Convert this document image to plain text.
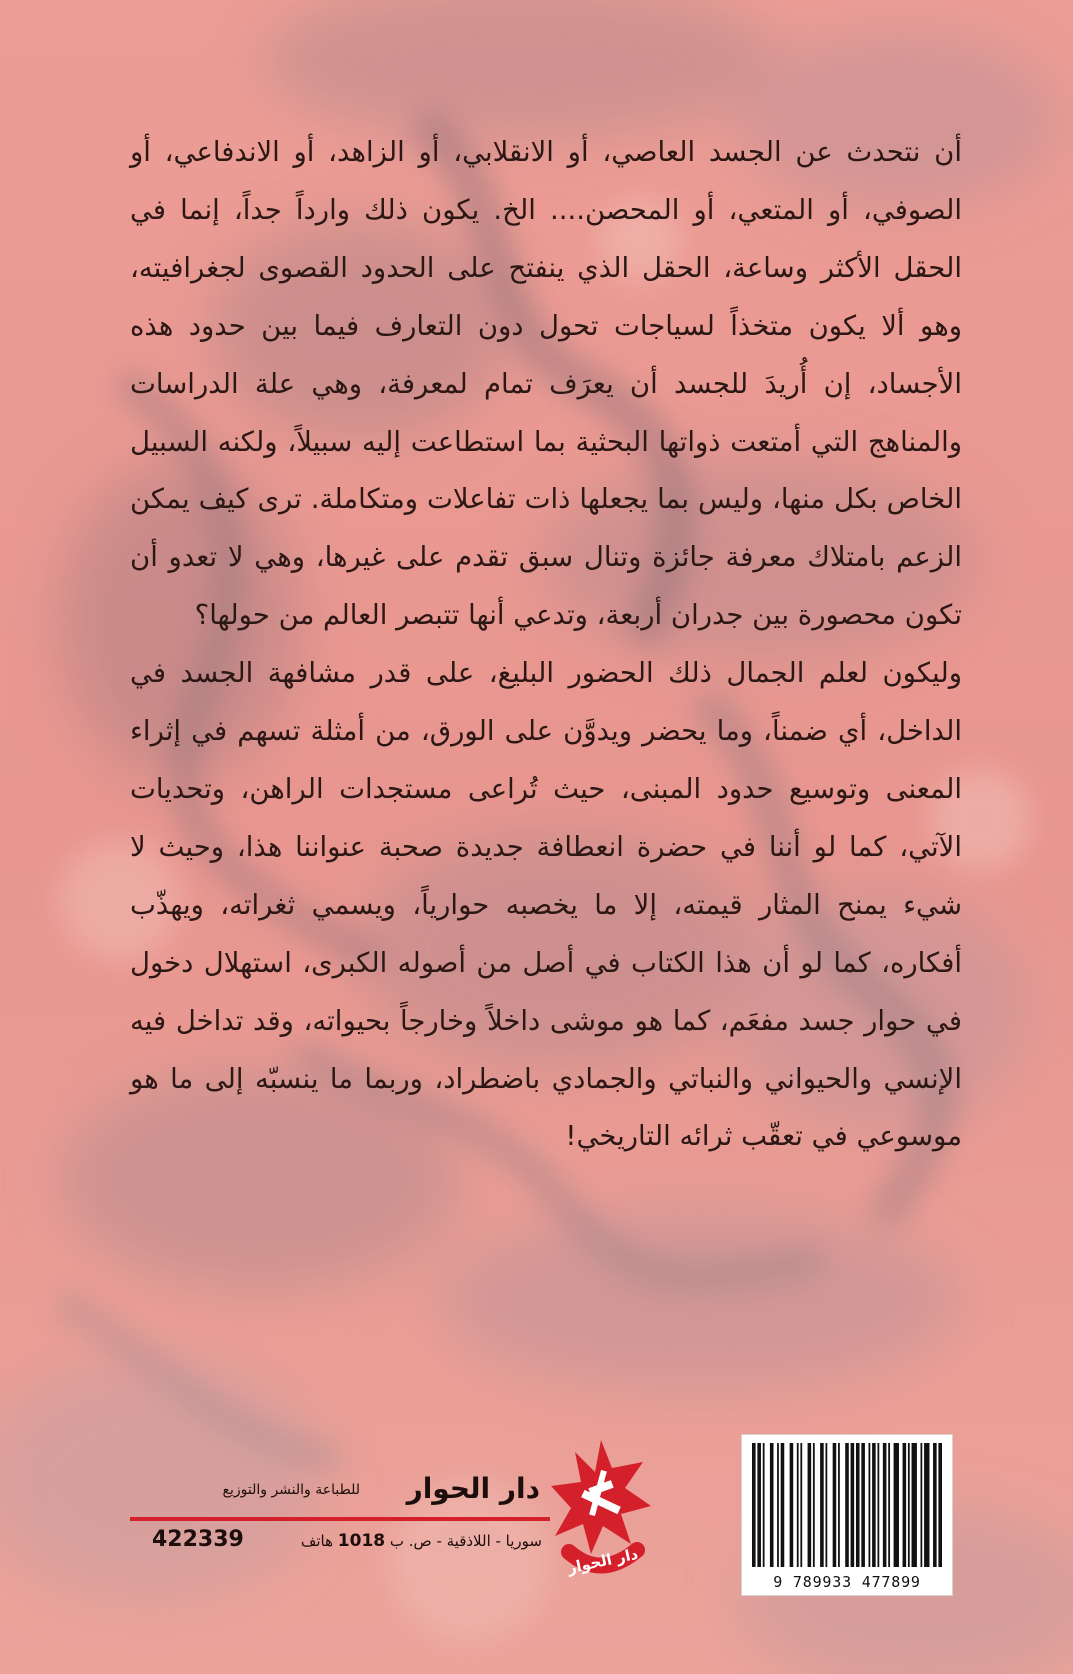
أن نتحدث عن الجسد العاصي، أو الانقلابي، أو الزاهد، أو الاندفاعي، أو الصوفي، أو المتعي، أو المحصن.... الخ. يكون ذلك وارداً جداً، إنما في الحقل الأكثر وساعة، الحقل الذي ينفتح على الحدود القصوى لجغرافيته، وهو ألا يكون متخذاً لسياجات تحول دون التعارف فيما بين حدود هذه الأجساد، إن أُريدَ للجسد أن يعرَف تمام لمعرفة، وهي علة الدراسات والمناهج التي أمتعت ذواتها البحثية بما استطاعت إليه سبيلاً، ولكنه السبيل الخاص بكل منها، وليس بما يجعلها ذات تفاعلات ومتكاملة. ترى كيف يمكن الزعم بامتلاك معرفة جائزة وتنال سبق تقدم على غيرها، وهي لا تعدو أن تكون محصورة بين جدران أربعة، وتدعي أنها تتبصر العالم من حولها؟

وليكون لعلم الجمال ذلك الحضور البليغ، على قدر مشافهة الجسد في الداخل، أي ضمناً، وما يحضر ويدوَّن على الورق، من أمثلة تسهم في إثراء المعنى وتوسيع حدود المبنى، حيث تُراعى مستجدات الراهن، وتحديات الآتي، كما لو أننا في حضرة انعطافة جديدة صحبة عنواننا هذا، وحيث لا شيء يمنح المثار قيمته، إلا ما يخصبه حوارياً، ويسمي ثغراته، ويهذّب أفكاره، كما لو أن هذا الكتاب في أصل من أصوله الكبرى، استهلال دخول في حوار جسد مفعَم، كما هو موشى داخلاً وخارجاً بحيواته، وقد تداخل فيه الإنسي والحيواني والنباتي والجمادي باضطراد، وربما ما ينسبّه إلى ما هو موسوعي في تعقّب ثرائه التاريخي!

دار الحوار
للطباعة والنشر والتوزيع
سوريا - اللاذقية - ص. ب 1018 هاتف
422339
دار الحوار
9 789933 477899
